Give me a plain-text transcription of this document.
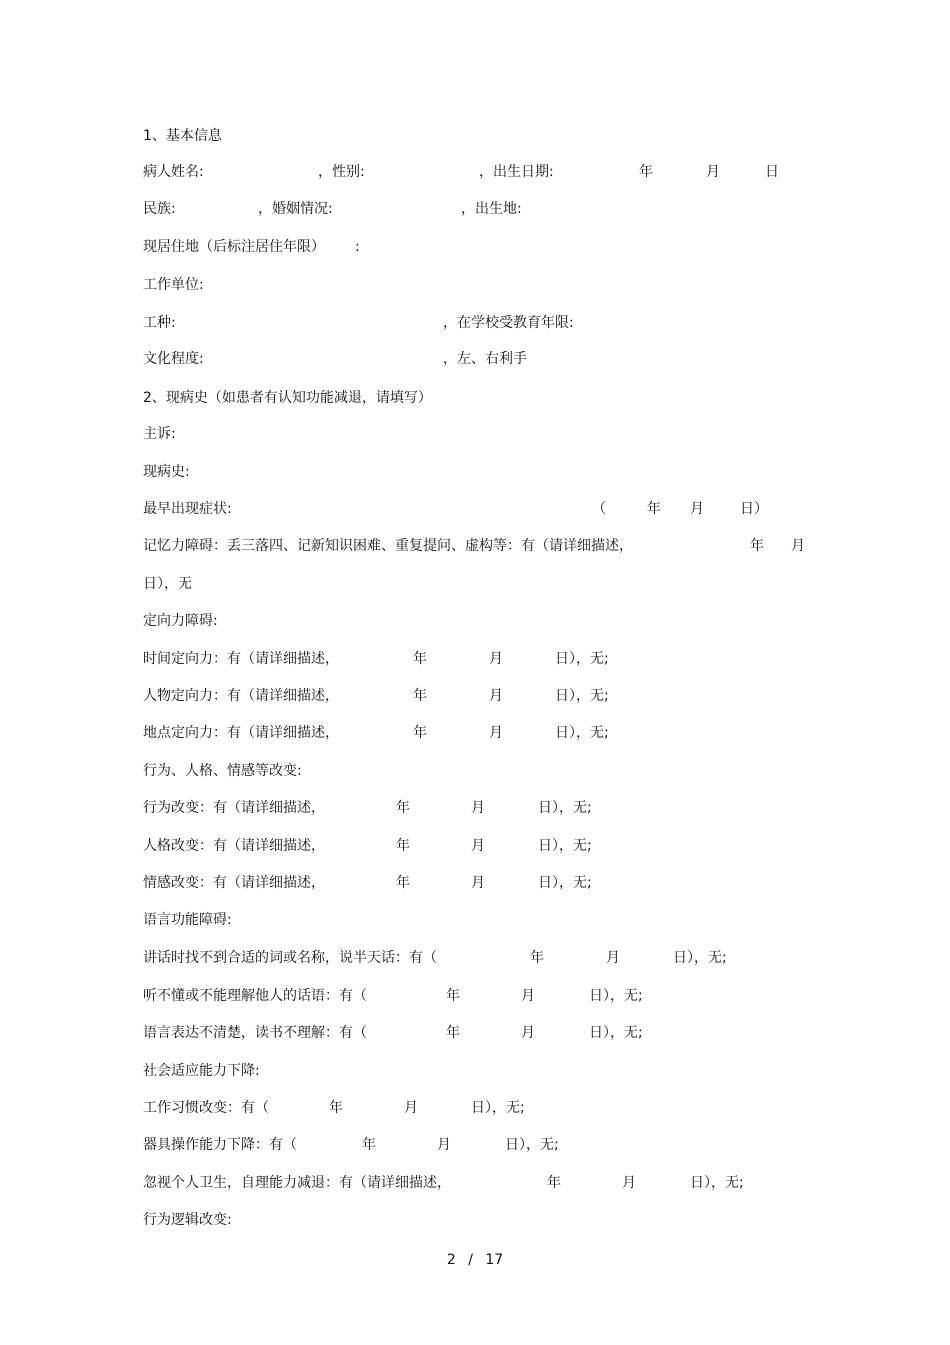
1、基本信息
病人姓名:	，性别:	，出生日期:	年	月	日
民族:	，婚姻情况:	，出生地:
现居住地（后标注居住年限） :
工作单位:
工种:	，在学校受教育年限:
文化程度:	，左、右利手
2、现病史（如患者有认知功能减退，请填写）
主诉:
现病史:
最早出现症状:	（	年 月	日）
记忆力障碍：丢三落四、记新知识困难、重复提问、虚构等：有（请详细描述，	年 月
日），无
定向力障碍:
时间定向力：有（请详细描述，	年	月	日），无;
人物定向力：有（请详细描述，	年	月	日），无;
地点定向力：有（请详细描述，	年	月	日），无;
行为、人格、情感等改变:
行为改变：有（请详细描述，	年	月	日），无;
人格改变：有（请详细描述，	年	月	日），无;
情感改变：有（请详细描述，	年	月	日），无;
语言功能障碍:
讲话时找不到合适的词或名称，说半天话：有（	年	月	日），无;
听不懂或不能理解他人的话语：有（	年	月	日），无;
语言表达不清楚，读书不理解：有（	年	月	日），无;
社会适应能力下降:
工作习惯改变：有（	年	月	日），无;
器具操作能力下降：有（	年	月	日），无;
忽视个人卫生，自理能力减退：有（请详细描述，	年	月	日），无;
行为逻辑改变:
2 / 17
